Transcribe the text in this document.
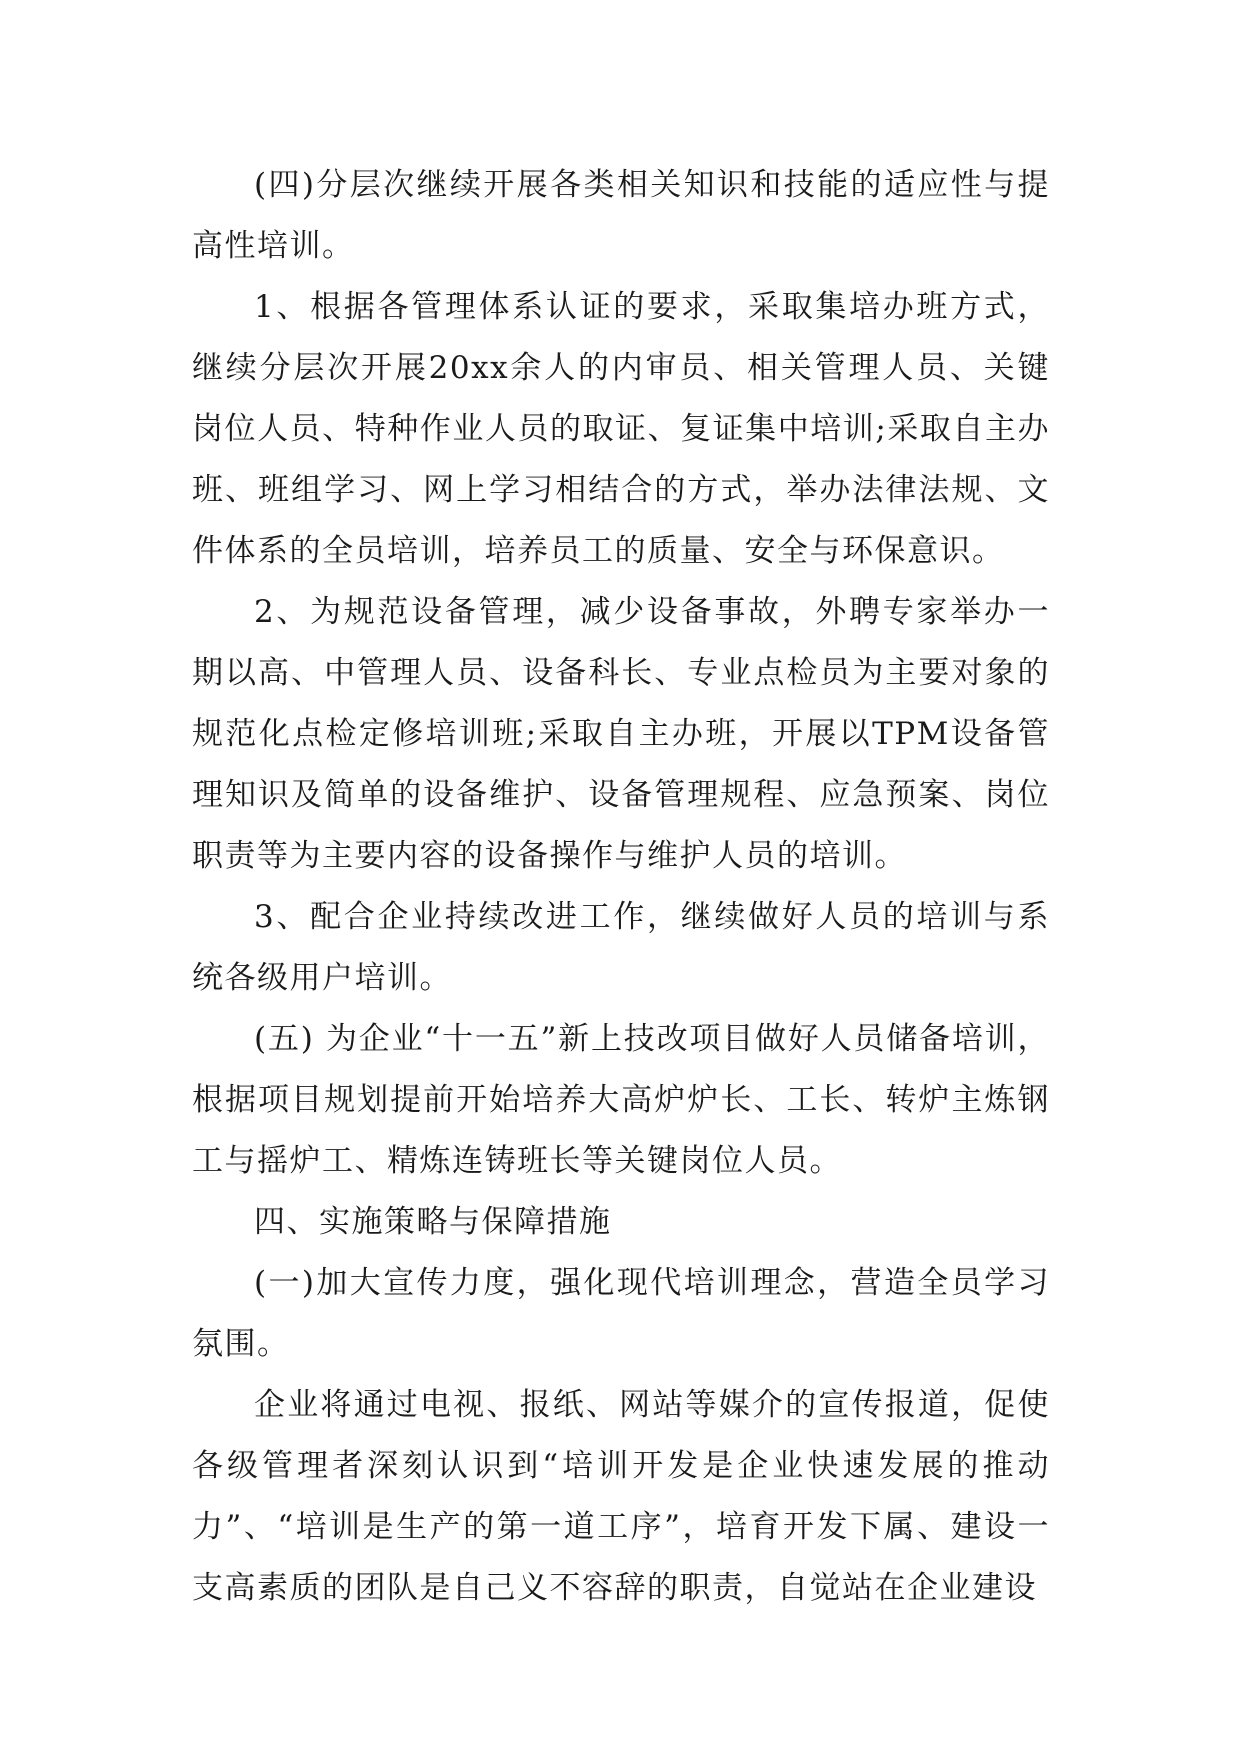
(四)分层次继续开展各类相关知识和技能的适应性与提高性培训。

1、根据各管理体系认证的要求，采取集培办班方式，继续分层次开展20xx余人的内审员、相关管理人员、关键岗位人员、特种作业人员的取证、复证集中培训;采取自主办班、班组学习、网上学习相结合的方式，举办法律法规、文件体系的全员培训，培养员工的质量、安全与环保意识。

2、为规范设备管理，减少设备事故，外聘专家举办一期以高、中管理人员、设备科长、专业点检员为主要对象的规范化点检定修培训班;采取自主办班，开展以TPM设备管理知识及简单的设备维护、设备管理规程、应急预案、岗位职责等为主要内容的设备操作与维护人员的培训。

3、配合企业持续改进工作，继续做好人员的培训与系统各级用户培训。

(五) 为企业“十一五”新上技改项目做好人员储备培训，根据项目规划提前开始培养大高炉炉长、工长、转炉主炼钢工与摇炉工、精炼连铸班长等关键岗位人员。

四、实施策略与保障措施

(一)加大宣传力度，强化现代培训理念，营造全员学习氛围。

企业将通过电视、报纸、网站等媒介的宣传报道，促使各级管理者深刻认识到“培训开发是企业快速发展的推动力”、“培训是生产的第一道工序”，培育开发下属、建设一支高素质的团队是自己义不容辞的职责，自觉站在企业建设
